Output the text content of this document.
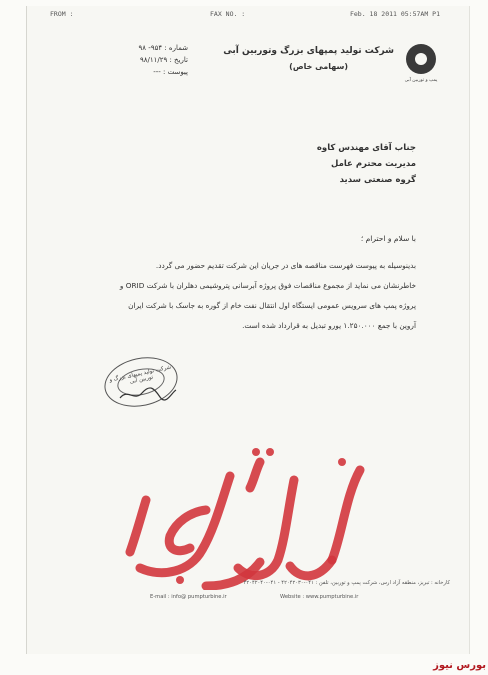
FROM :	FAX NO. :	Feb. 18 2011 05:57AM P1
پمپ و توربین آبی
شرکت تولید پمپهای بزرگ وتوربین آبی
(سهامی خاص)
شماره : ۹۵۴- ۹۸
تاریخ : ۹۸/۱۱/۲۹
پیوست : ---
جناب آقای مهندس کاوه
مدیریت محترم عامل
گروه صنعتی سدید
با سلام و احترام ؛

بدینوسیله به پیوست فهرست مناقصه های در جریان این شرکت تقدیم حضور می گردد.

خاطرنشان می نماید از مجموع مناقصات فوق پروژه آبرسانی پتروشیمی دهلران با شرکت ORID و

پروژه پمپ های سرویس عمومی ایستگاه اول انتقال نفت خام از گوره به جاسک با شرکت ایران

آروین با جمع ۱.۲۵۰.۰۰۰ یورو تبدیل به قرارداد شده است.

شرکت تولید پمپهای بزرگ و توربین آبی
کارخانه : تبریز، منطقه آزاد ارس، شرکت پمپ و توربین، تلفن : ۰۴۱-۴۲۰۴۲۰۳۰ - ۰۴۱-۴۲۰۴۲۰۴۰
E-mail : info@ pumpturbine.ir	Website : www.pumpturbine.ir
بورس نیوز
